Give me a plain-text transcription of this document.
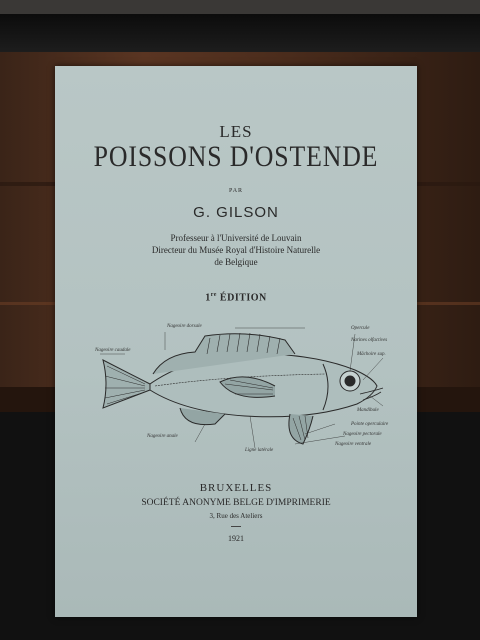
LES
POISSONS D'OSTENDE
PAR
G. GILSON
Professeur à l'Université de Louvain
Directeur du Musée Royal d'Histoire Naturelle
de Belgique
1re ÉDITION
Nageoire caudale
Nageoire dorsale	Opercule
Narines olfactives
Mâchoire sup.
Mandibule
Pointe operculaire
Nageoire pectorale
Nageoire ventrale
Nageoire anale
Ligne latérale
BRUXELLES
SOCIÉTÉ ANONYME BELGE D'IMPRIMERIE
3, Rue des Ateliers
1921
